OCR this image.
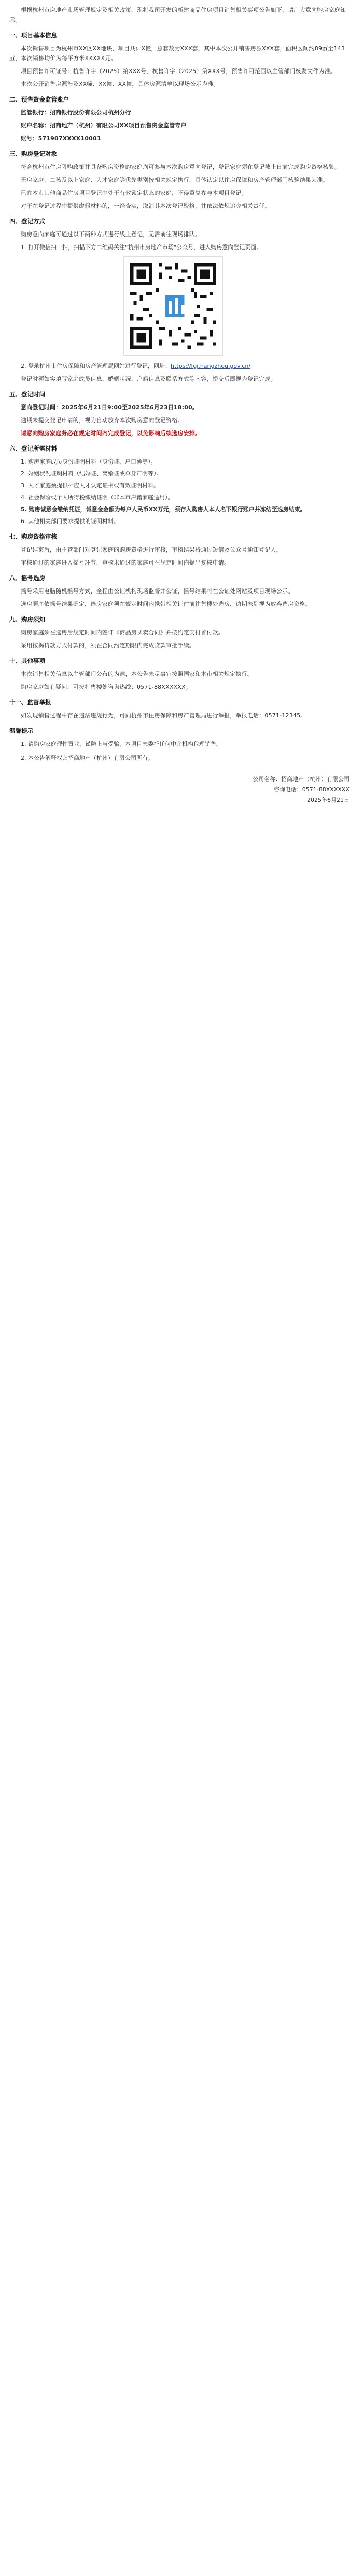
根据杭州市房地产市场管理规定及相关政策，现将我司开发的新建商品住房项目销售相关事项公告如下，请广大意向购房家庭知悉。

一、项目基本信息

本次销售项目为杭州市XX区XX地块，项目共计X幢，总套数为XXX套，其中本次公开销售房源XXX套，面积区间约89㎡至143㎡，本次销售均价为每平方米XXXXX元。

项目预售许可证号：杭售许字（2025）第XXX号、杭售许字（2025）第XXX号，预售许可范围以主管部门核发文件为准。

本次公开销售房源涉及XX幢、XX幢、XX幢，具体房源清单以现场公示为准。

二、预售资金监管账户

监管银行：招商银行股份有限公司杭州分行

账户名称：招商地产（杭州）有限公司XX项目预售资金监管专户

账号：571907XXXX10001

三、购房登记对象

符合杭州市住房限购政策并具备购房资格的家庭均可参与本次购房意向登记，登记家庭须在登记截止日前完成购房资格核验。

无房家庭、二孩及以上家庭、人才家庭等优先类别按相关规定执行，具体认定以住房保障和房产管理部门核验结果为准。

已在本市其他商品住房项目登记中处于有效锁定状态的家庭，不得重复参与本项目登记。

对于在登记过程中提供虚假材料的，一经查实，取消其本次登记资格，并依法依规追究相关责任。

四、登记方式

购房意向家庭可通过以下两种方式进行线上登记，无需前往现场排队。

1. 打开微信扫一扫，扫描下方二维码关注“杭州市房地产市场”公众号，进入购房意向登记页面。
2. 登录杭州市住房保障和房产管理局网站进行登记，网址：https://fgj.hangzhou.gov.cn/

登记时须如实填写家庭成员信息、婚姻状况、户籍信息及联系方式等内容，提交后即视为登记完成。

五、登记时间

意向登记时间：2025年6月21日9:00至2025年6月23日18:00。

逾期未提交登记申请的，视为自动放弃本次购房意向登记资格。

请意向购房家庭务必在规定时间内完成登记，以免影响后续选房安排。

六、登记所需材料
1. 购房家庭成员身份证明材料（身份证、户口簿等）。
2. 婚姻状况证明材料（结婚证、离婚证或单身声明等）。
3. 人才家庭须提供相应人才认定证书或有效证明材料。
4. 社会保险或个人所得税缴纳证明（非本市户籍家庭适用）。
5. 购房诚意金缴纳凭证，诚意金金额为每户人民币XX万元，须存入购房人本人名下银行账户并冻结至选房结束。
6. 其他相关部门要求提供的证明材料。
七、购房资格审核

登记结束后，由主管部门对登记家庭的购房资格进行审核，审核结果将通过短信及公众号通知登记人。

审核通过的家庭进入摇号环节，审核未通过的家庭可在规定时间内提出复核申请。

八、摇号选房

摇号采用电脑随机摇号方式，全程由公证机构现场监督并公证，摇号结果将在公证处网站及项目现场公示。

选房顺序依摇号结果确定，选房家庭须在规定时间内携带相关证件前往售楼处选房，逾期未到视为放弃选房资格。

九、购房须知

购房家庭须在选房后规定时间内签订《商品房买卖合同》并按约定支付首付款。

采用按揭贷款方式付款的，须在合同约定期限内完成贷款审批手续。

十、其他事项

本次销售相关信息以主管部门公布的为准，本公告未尽事宜按照国家和本市相关规定执行。

购房家庭如有疑问，可拨打售楼处咨询热线：0571-88XXXXXX。

十一、监督举报

如发现销售过程中存在违法违规行为，可向杭州市住房保障和房产管理局进行举报，举报电话：0571-12345。

温馨提示

1. 请购房家庭理性置业，谨防上当受骗，本项目未委托任何中介机构代理销售。

2. 本公告解释权归招商地产（杭州）有限公司所有。

公司名称：招商地产（杭州）有限公司
咨询电话：0571-88XXXXXX
2025年6月21日
